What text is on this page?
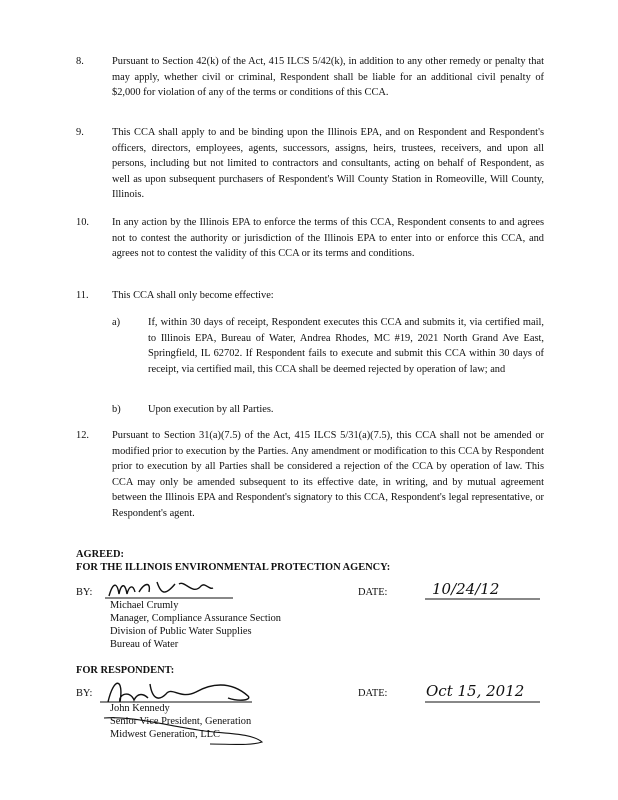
8.	Pursuant to Section 42(k) of the Act, 415 ILCS 5/42(k), in addition to any other remedy or penalty that may apply, whether civil or criminal, Respondent shall be liable for an additional civil penalty of $2,000 for violation of any of the terms or conditions of this CCA.
9.	This CCA shall apply to and be binding upon the Illinois EPA, and on Respondent and Respondent's officers, directors, employees, agents, successors, assigns, heirs, trustees, receivers, and upon all persons, including but not limited to contractors and consultants, acting on behalf of Respondent, as well as upon subsequent purchasers of Respondent's Will County Station in Romeoville, Will County, Illinois.
10. In any action by the Illinois EPA to enforce the terms of this CCA, Respondent consents to and agrees not to contest the authority or jurisdiction of the Illinois EPA to enter into or enforce this CCA, and agrees not to contest the validity of this CCA or its terms and conditions.
11. This CCA shall only become effective:
a)	If, within 30 days of receipt, Respondent executes this CCA and submits it, via certified mail, to Illinois EPA, Bureau of Water, Andrea Rhodes, MC #19, 2021 North Grand Ave East, Springfield, IL 62702. If Respondent fails to execute and submit this CCA within 30 days of receipt, via certified mail, this CCA shall be deemed rejected by operation of law; and
b)	Upon execution by all Parties.
12. Pursuant to Section 31(a)(7.5) of the Act, 415 ILCS 5/31(a)(7.5), this CCA shall not be amended or modified prior to execution by the Parties. Any amendment or modification to this CCA by Respondent prior to execution by all Parties shall be considered a rejection of the CCA by operation of law. This CCA may only be amended subsequent to its effective date, in writing, and by mutual agreement between the Illinois EPA and Respondent's signatory to this CCA, Respondent's legal representative, or Respondent's agent.
AGREED:
FOR THE ILLINOIS ENVIRONMENTAL PROTECTION AGENCY:
BY:	DATE:	10/24/12
Michael Crumly
Manager, Compliance Assurance Section
Division of Public Water Supplies
Bureau of Water
FOR RESPONDENT:
BY:	DATE:	Oct 15, 2012
John Kennedy
Senior Vice President, Generation
Midwest Generation, LLC
